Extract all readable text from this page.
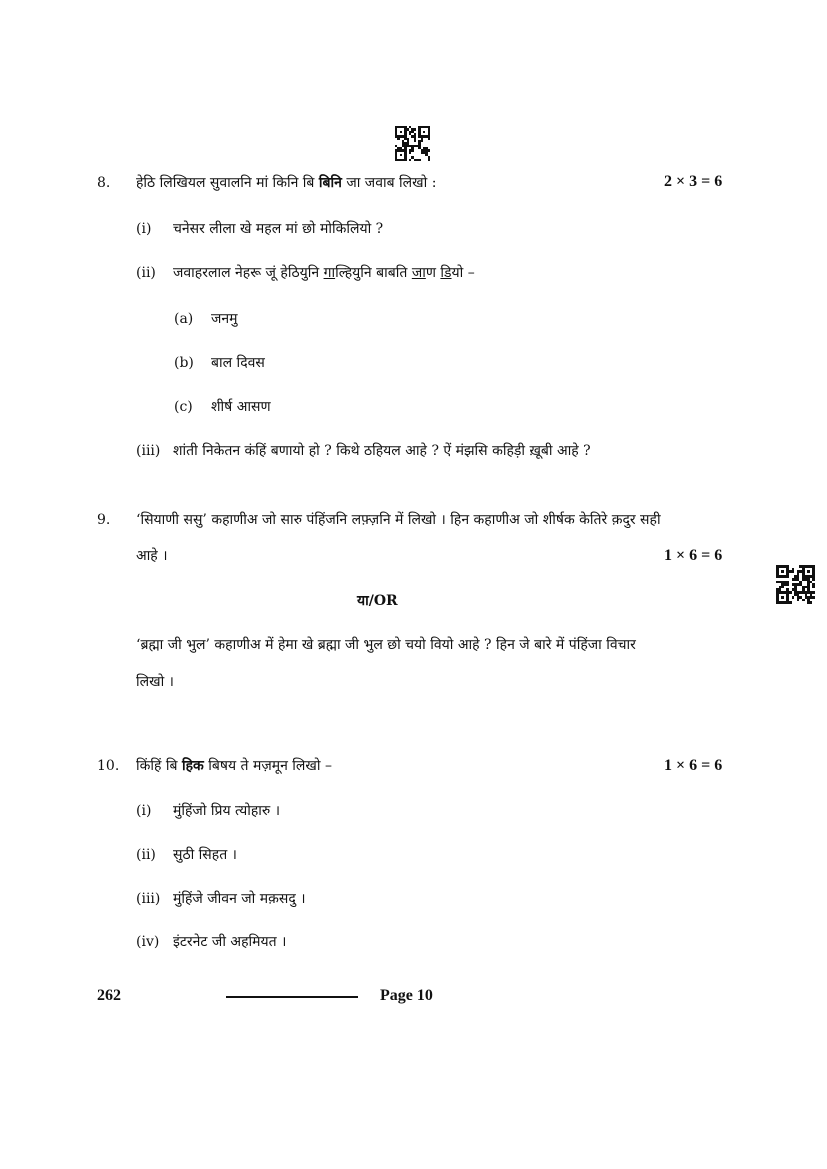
8. हेठि लिखियल सुवालनि मां किनि बि बिनि जा जवाब लिखो :	2 × 3 = 6
(i) चनेसर लीला खे महल मां छो मोकिलियो ?
(ii) जवाहरलाल नेहरू जूं हेठियुनि गाल्हियुनि बाबति जाण डियो –
(a) जनमु
(b) बाल दिवस
(c) शीर्ष आसण
(iii) शांती निकेतन कंहिं बणायो हो ? किथे ठहियल आहे ? ऐं मंझसि कहिड़ी ख़ूबी आहे ?
9. ‘सियाणी ससु’ कहाणीअ जो सारु पंहिंजनि लफ़्ज़नि में लिखो । हिन कहाणीअ जो शीर्षक केतिरे क़दुर सही
आहे ।	1 × 6 = 6
या/OR
‘ब्रह्मा जी भुल’ कहाणीअ में हेमा खे ब्रह्मा जी भुल छो चयो वियो आहे ? हिन जे बारे में पंहिंजा विचार
लिखो ।
10. किंहिं बि हिक बिषय ते मज़मून लिखो –	1 × 6 = 6
(i) मुंहिंजो प्रिय त्योहारु ।
(ii) सुठी सिहत ।
(iii) मुंहिंजे जीवन जो मक़सदु ।
(iv) इंटरनेट जी अहमियत ।
262	Page 10
